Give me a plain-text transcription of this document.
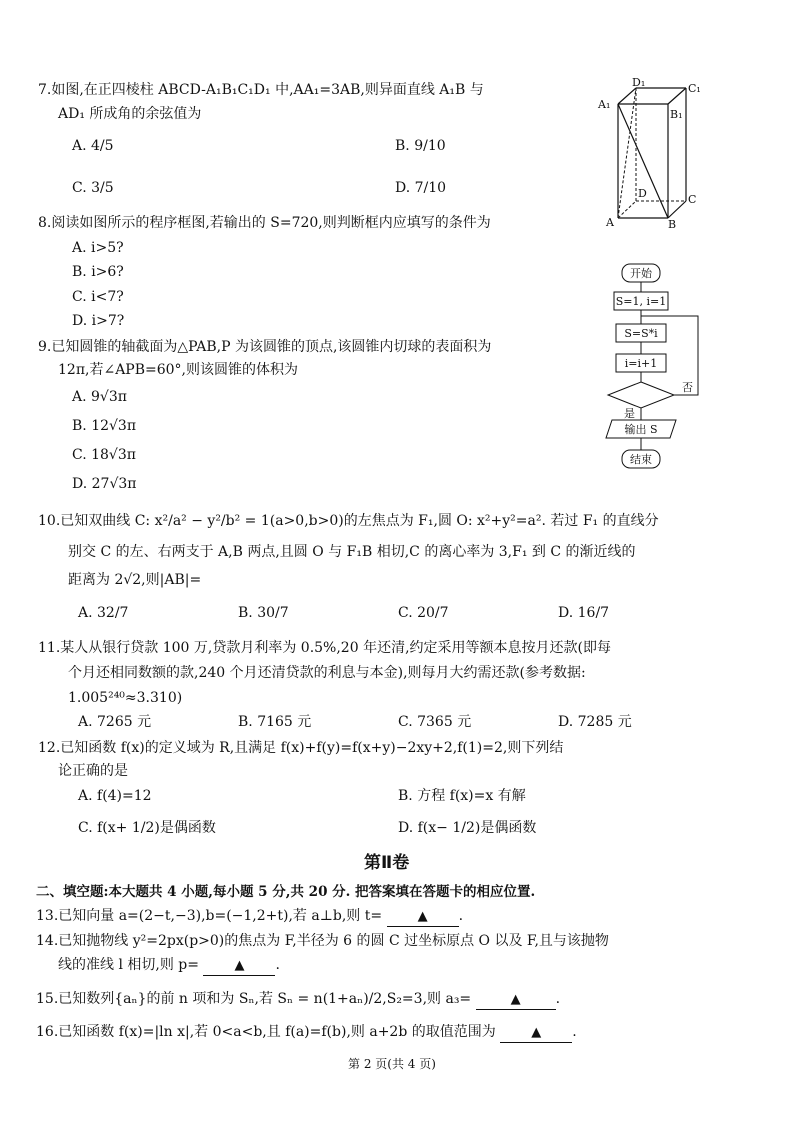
7.如图,在正四棱柱 ABCD-A₁B₁C₁D₁ 中,AA₁=3AB,则异面直线 A₁B 与
AD₁ 所成角的余弦值为
A. 4/5	B. 9/10
C. 3/5	D. 7/10
D₁	C₁
A₁
B₁
D	C
A	B
8.阅读如图所示的程序框图,若输出的 S=720,则判断框内应填写的条件为
A. i>5?
B. i>6?
C. i<7?
D. i>7?
开始
S=1, i=1
S=S*i
i=i+1
否
是
输出 S
结束
9.已知圆锥的轴截面为△PAB,P 为该圆锥的顶点,该圆锥内切球的表面积为
12π,若∠APB=60°,则该圆锥的体积为
A. 9√3π
B. 12√3π
C. 18√3π
D. 27√3π
10.已知双曲线 C: x²/a² − y²/b² = 1(a>0,b>0)的左焦点为 F₁,圆 O: x²+y²=a². 若过 F₁ 的直线分
别交 C 的左、右两支于 A,B 两点,且圆 O 与 F₁B 相切,C 的离心率为 3,F₁ 到 C 的渐近线的
距离为 2√2,则|AB|=
A. 32/7	B. 30/7	C. 20/7	D. 16/7
11.某人从银行贷款 100 万,贷款月利率为 0.5%,20 年还清,约定采用等额本息按月还款(即每
个月还相同数额的款,240 个月还清贷款的利息与本金),则每月大约需还款(参考数据:
1.005²⁴⁰≈3.310)
A. 7265 元	B. 7165 元	C. 7365 元	D. 7285 元
12.已知函数 f(x)的定义域为 R,且满足 f(x)+f(y)=f(x+y)−2xy+2,f(1)=2,则下列结
论正确的是
A. f(4)=12	B. 方程 f(x)=x 有解
C. f(x+ 1/2)是偶函数	D. f(x− 1/2)是偶函数
第Ⅱ卷
二、填空题:本大题共 4 小题,每小题 5 分,共 20 分. 把答案填在答题卡的相应位置.
13.已知向量 a=(2−t,−3),b=(−1,2+t),若 a⊥b,则 t=	▲ .
14.已知抛物线 y²=2px(p>0)的焦点为 F,半径为 6 的圆 C 过坐标原点 O 以及 F,且与该抛物
线的准线 l 相切,则 p=	▲ .
15.已知数列{aₙ}的前 n 项和为 Sₙ,若 Sₙ = n(1+aₙ)/2,S₂=3,则 a₃=	▲	.
16.已知函数 f(x)=|ln x|,若 0<a<b,且 f(a)=f(b),则 a+2b 的取值范围为	▲ .
第 2 页(共 4 页)
